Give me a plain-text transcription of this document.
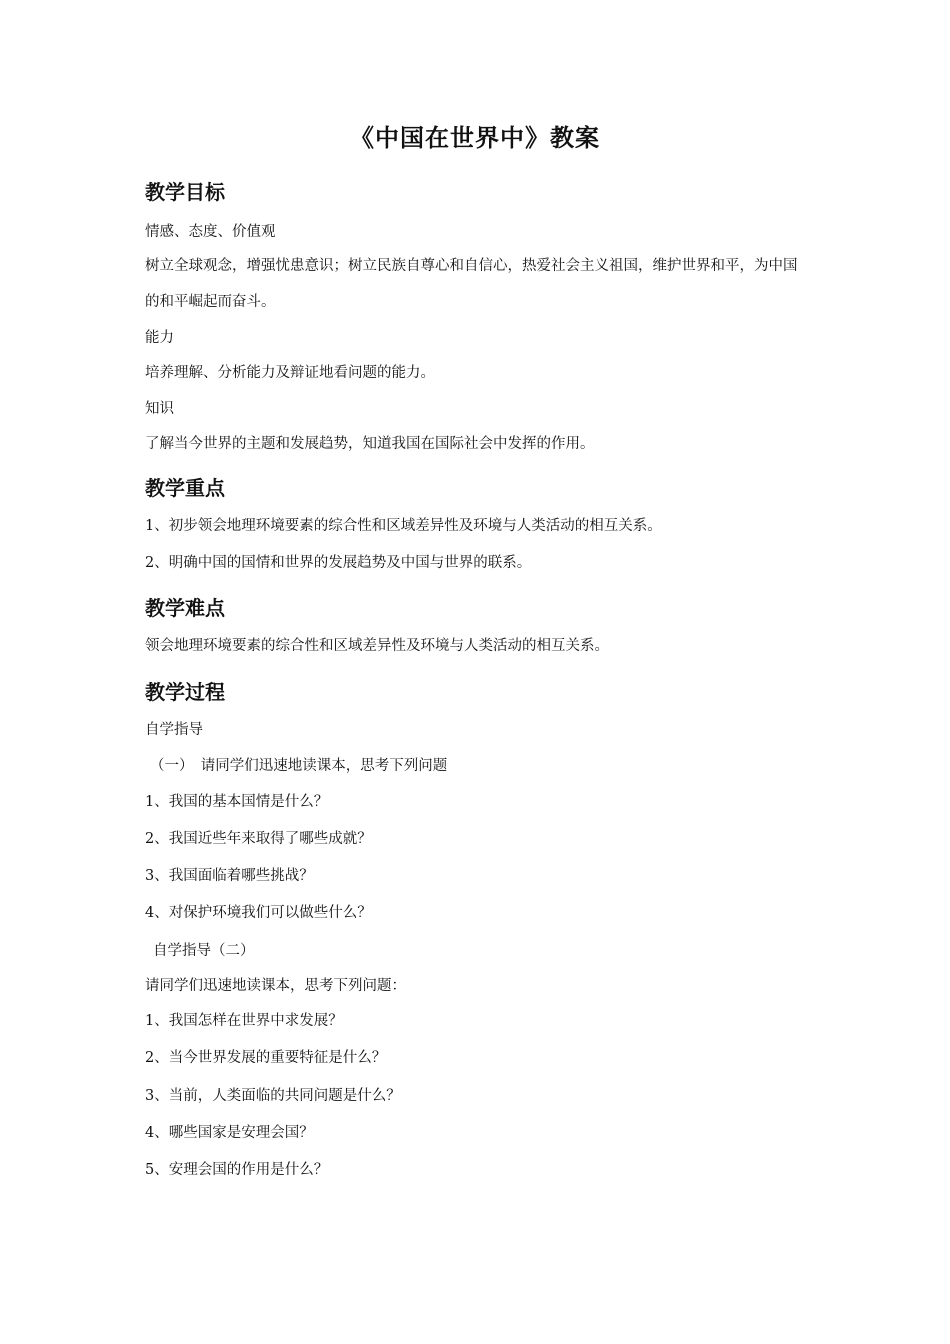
《中国在世界中》教案
教学目标
情感、态度、价值观
树立全球观念，增强忧患意识；树立民族自尊心和自信心，热爱社会主义祖国，维护世界和平，为中国的和平崛起而奋斗。
能力
培养理解、分析能力及辩证地看问题的能力。
知识
了解当今世界的主题和发展趋势，知道我国在国际社会中发挥的作用。
教学重点
1、初步领会地理环境要素的综合性和区域差异性及环境与人类活动的相互关系。
2、明确中国的国情和世界的发展趋势及中国与世界的联系。
教学难点
领会地理环境要素的综合性和区域差异性及环境与人类活动的相互关系。
教学过程
自学指导
（一）　请同学们迅速地读课本，思考下列问题
1、我国的基本国情是什么？
2、我国近些年来取得了哪些成就？
3、我国面临着哪些挑战？
4、对保护环境我们可以做些什么？
自学指导（二）
请同学们迅速地读课本，思考下列问题：
1、我国怎样在世界中求发展？
2、当今世界发展的重要特征是什么？
3、当前，人类面临的共同问题是什么？
4、哪些国家是安理会国？
5、安理会国的作用是什么？
